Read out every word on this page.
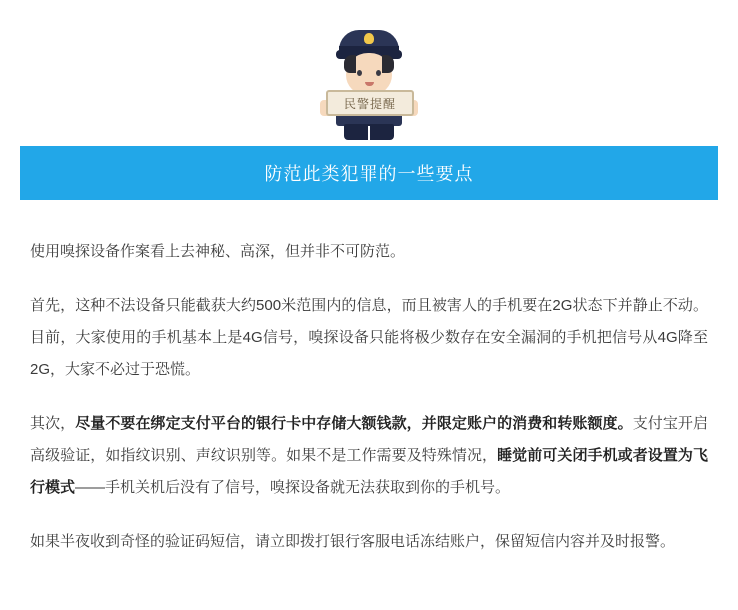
民警提醒
防范此类犯罪的一些要点

使用嗅探设备作案看上去神秘、高深，但并非不可防范。

首先，这种不法设备只能截获大约500米范围内的信息，而且被害人的手机要在2G状态下并静止不动。目前，大家使用的手机基本上是4G信号，嗅探设备只能将极少数存在安全漏洞的手机把信号从4G降至2G，大家不必过于恐慌。

其次，尽量不要在绑定支付平台的银行卡中存储大额钱款，并限定账户的消费和转账额度。支付宝开启高级验证，如指纹识别、声纹识别等。如果不是工作需要及特殊情况，睡觉前可关闭手机或者设置为飞行模式——手机关机后没有了信号，嗅探设备就无法获取到你的手机号。

如果半夜收到奇怪的验证码短信，请立即拨打银行客服电话冻结账户，保留短信内容并及时报警。
